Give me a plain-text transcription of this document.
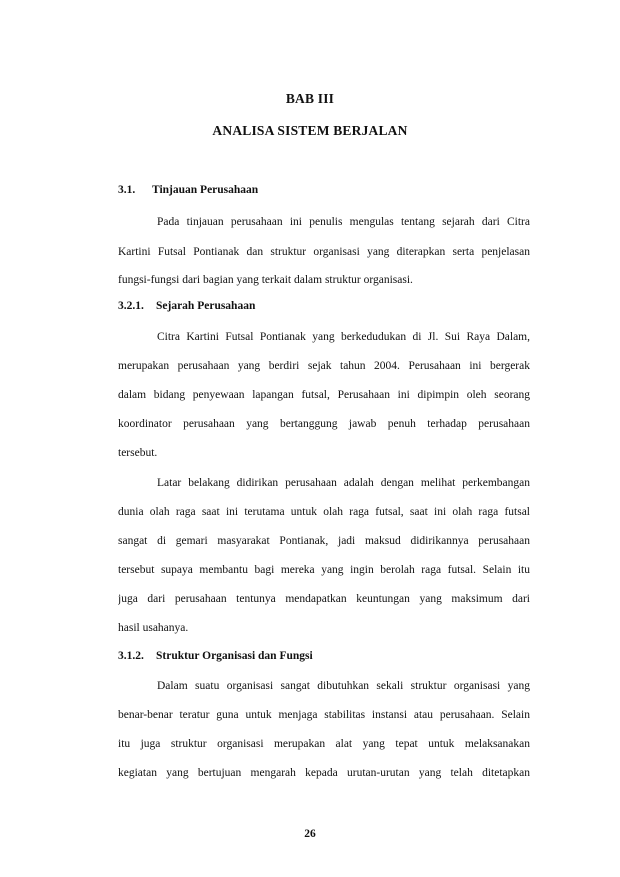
BAB III
ANALISA SISTEM BERJALAN
3.1. Tinjauan Perusahaan
Pada tinjauan perusahaan ini penulis mengulas tentang sejarah dari Citra
Kartini Futsal Pontianak dan struktur organisasi yang diterapkan serta penjelasan
fungsi-fungsi dari bagian yang terkait dalam struktur organisasi.
3.2.1. Sejarah Perusahaan
Citra Kartini Futsal Pontianak yang berkedudukan di Jl. Sui Raya Dalam,
merupakan perusahaan yang berdiri sejak tahun 2004. Perusahaan ini bergerak
dalam bidang penyewaan lapangan futsal, Perusahaan ini dipimpin oleh seorang
koordinator perusahaan yang bertanggung jawab penuh terhadap perusahaan
tersebut.
Latar belakang didirikan perusahaan adalah dengan melihat perkembangan
dunia olah raga saat ini terutama untuk olah raga futsal, saat ini olah raga futsal
sangat di gemari masyarakat Pontianak, jadi maksud didirikannya perusahaan
tersebut supaya membantu bagi mereka yang ingin berolah raga futsal. Selain itu
juga dari perusahaan tentunya mendapatkan keuntungan yang maksimum dari
hasil usahanya.
3.1.2. Struktur Organisasi dan Fungsi
Dalam suatu organisasi sangat dibutuhkan sekali struktur organisasi yang
benar-benar teratur guna untuk menjaga stabilitas instansi atau perusahaan. Selain
itu juga struktur organisasi merupakan alat yang tepat untuk melaksanakan
kegiatan yang bertujuan mengarah kepada urutan-urutan yang telah ditetapkan
26
